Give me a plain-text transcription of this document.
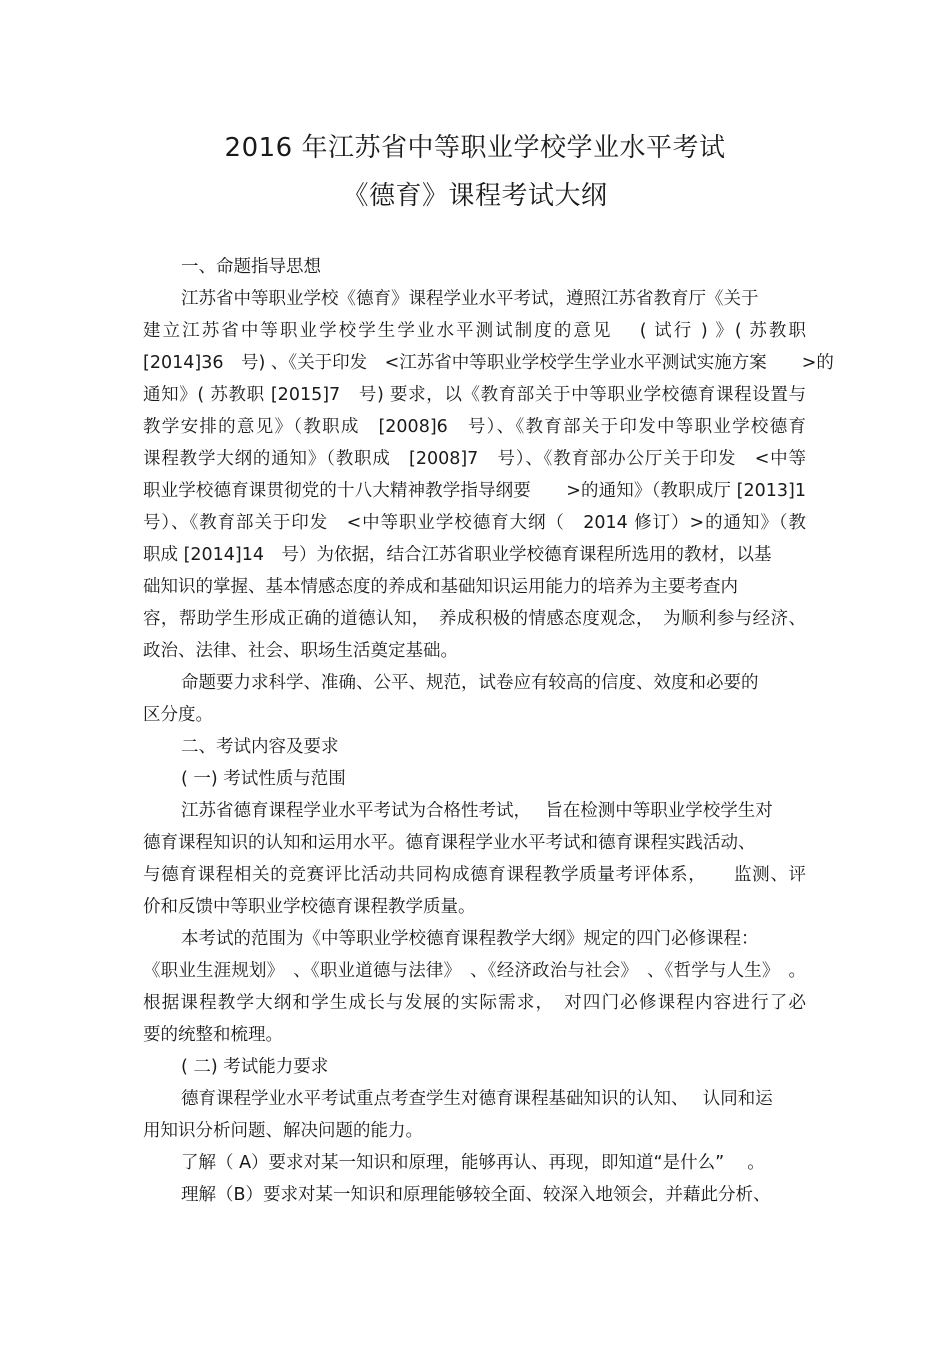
2016 年江苏省中等职业学校学业水平考试
《德育》课程考试大纲
一、命题指导思想
江苏省中等职业学校《德育》课程学业水平考试，遵照江苏省教育厅《关于
建立江苏省中等职业学校学生学业水平测试制度的意见　 ( 试行 ) 》( 苏教职
[2014]36　号) 、《关于印发　<江苏省中等职业学校学生学业水平测试实施方案　　>的
通知》( 苏教职 [2015]7　号) 要求，以《教育部关于中等职业学校德育课程设置与
教学安排的意见》（教职成　[2008]6　号）、《教育部关于印发中等职业学校德育
课程教学大纲的通知》（教职成　[2008]7　号）、《教育部办公厅关于印发　<中等
职业学校德育课贯彻党的十八大精神教学指导纲要　　>的通知》（教职成厅 [2013]1
号）、《教育部关于印发　<中等职业学校德育大纲（　2014 修订）>的通知》（教
职成 [2014]14　号）为依据，结合江苏省职业学校德育课程所选用的教材，以基
础知识的掌握、基本情感态度的养成和基础知识运用能力的培养为主要考查内
容，帮助学生形成正确的道德认知，　养成积极的情感态度观念，　为顺利参与经济、
政治、法律、社会、职场生活奠定基础。
命题要力求科学、准确、公平、规范，试卷应有较高的信度、效度和必要的
区分度。
二、考试内容及要求
( 一) 考试性质与范围
江苏省德育课程学业水平考试为合格性考试，　 旨在检测中等职业学校学生对
德育课程知识的认知和运用水平。德育课程学业水平考试和德育课程实践活动、
与德育课程相关的竞赛评比活动共同构成德育课程教学质量考评体系，　　监测、评
价和反馈中等职业学校德育课程教学质量。
本考试的范围为《中等职业学校德育课程教学大纲》规定的四门必修课程：
《职业生涯规划》　、《职业道德与法律》　、《经济政治与社会》　、《哲学与人生》　。
根据课程教学大纲和学生成长与发展的实际需求，　对四门必修课程内容进行了必
要的统整和梳理。
( 二) 考试能力要求
德育课程学业水平考试重点考查学生对德育课程基础知识的认知、　 认同和运
用知识分析问题、解决问题的能力。
了解（ A）要求对某一知识和原理，能够再认、再现，即知道“是什么”　 。
理解（B）要求对某一知识和原理能够较全面、较深入地领会，并藉此分析、
